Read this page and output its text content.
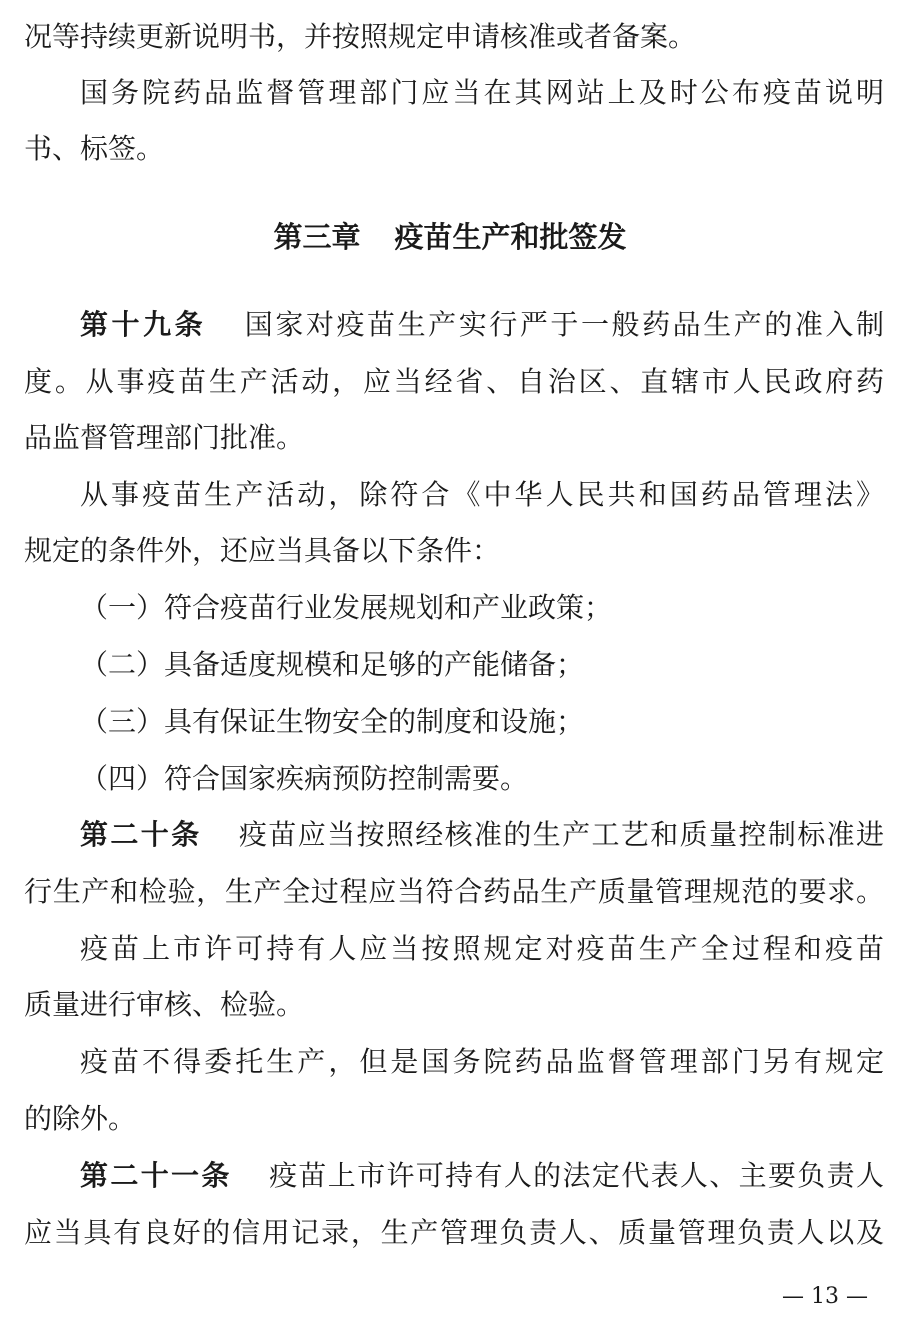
况等持续更新说明书，并按照规定申请核准或者备案。
国务院药品监督管理部门应当在其网站上及时公布疫苗说明
书、标签。
第三章 疫苗生产和批签发
第十九条 国家对疫苗生产实行严于一般药品生产的准入制
度。从事疫苗生产活动，应当经省、自治区、直辖市人民政府药
品监督管理部门批准。
从事疫苗生产活动，除符合《中华人民共和国药品管理法》
规定的条件外，还应当具备以下条件：
（一）符合疫苗行业发展规划和产业政策；
（二）具备适度规模和足够的产能储备；
（三）具有保证生物安全的制度和设施；
（四）符合国家疾病预防控制需要。
第二十条 疫苗应当按照经核准的生产工艺和质量控制标准进
行生产和检验，生产全过程应当符合药品生产质量管理规范的要求。
疫苗上市许可持有人应当按照规定对疫苗生产全过程和疫苗
质量进行审核、检验。
疫苗不得委托生产，但是国务院药品监督管理部门另有规定
的除外。
第二十一条 疫苗上市许可持有人的法定代表人、主要负责人
应当具有良好的信用记录，生产管理负责人、质量管理负责人以及
— 13 —
